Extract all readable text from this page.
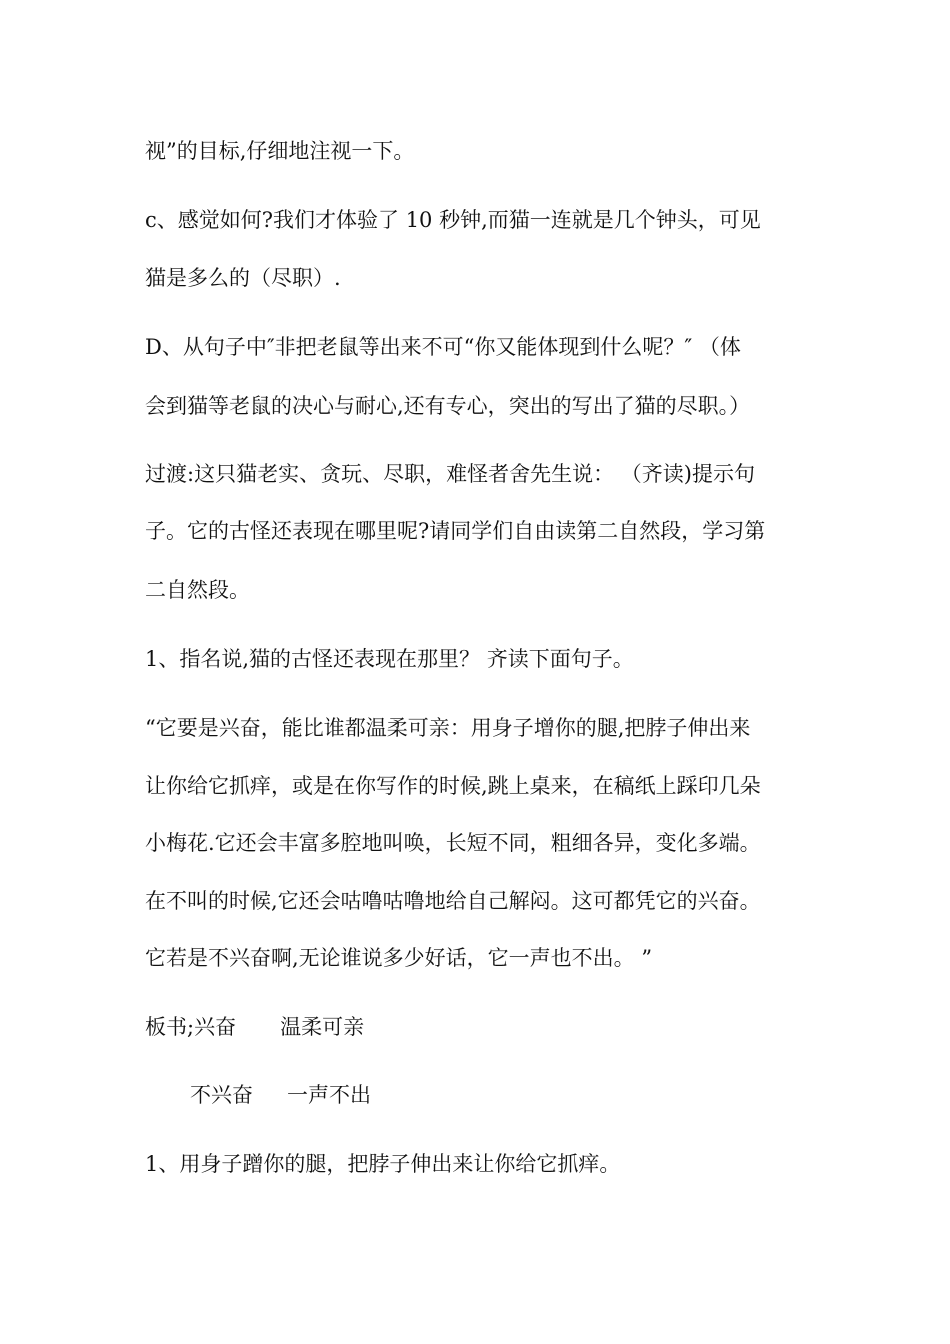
视”的目标,仔细地注视一下。

c、感觉如何?我们才体验了 10 秒钟,而猫一连就是几个钟头，可见

猫是多么的（尽职）.

D、从句子中″非把老鼠等出来不可“你又能体现到什么呢？″ （体

会到猫等老鼠的决心与耐心,还有专心，突出的写出了猫的尽职。）

过渡:这只猫老实、贪玩、尽职，难怪者舍先生说： （齐读)提示句

子。它的古怪还表现在哪里呢?请同学们自由读第二自然段，学习第

二自然段。

1、指名说,猫的古怪还表现在那里？ 齐读下面句子。

“它要是兴奋，能比谁都温柔可亲：用身子增你的腿,把脖子伸出来

让你给它抓痒，或是在你写作的时候,跳上桌来，在稿纸上踩印几朵

小梅花.它还会丰富多腔地叫唤，长短不同，粗细各异，变化多端。

在不叫的时候,它还会咕噜咕噜地给自己解闷。这可都凭它的兴奋。

它若是不兴奋啊,无论谁说多少好话，它一声也不出。 ”

板书;兴奋 温柔可亲

不兴奋 一声不出

1、用身子蹭你的腿，把脖子伸出来让你给它抓痒。
